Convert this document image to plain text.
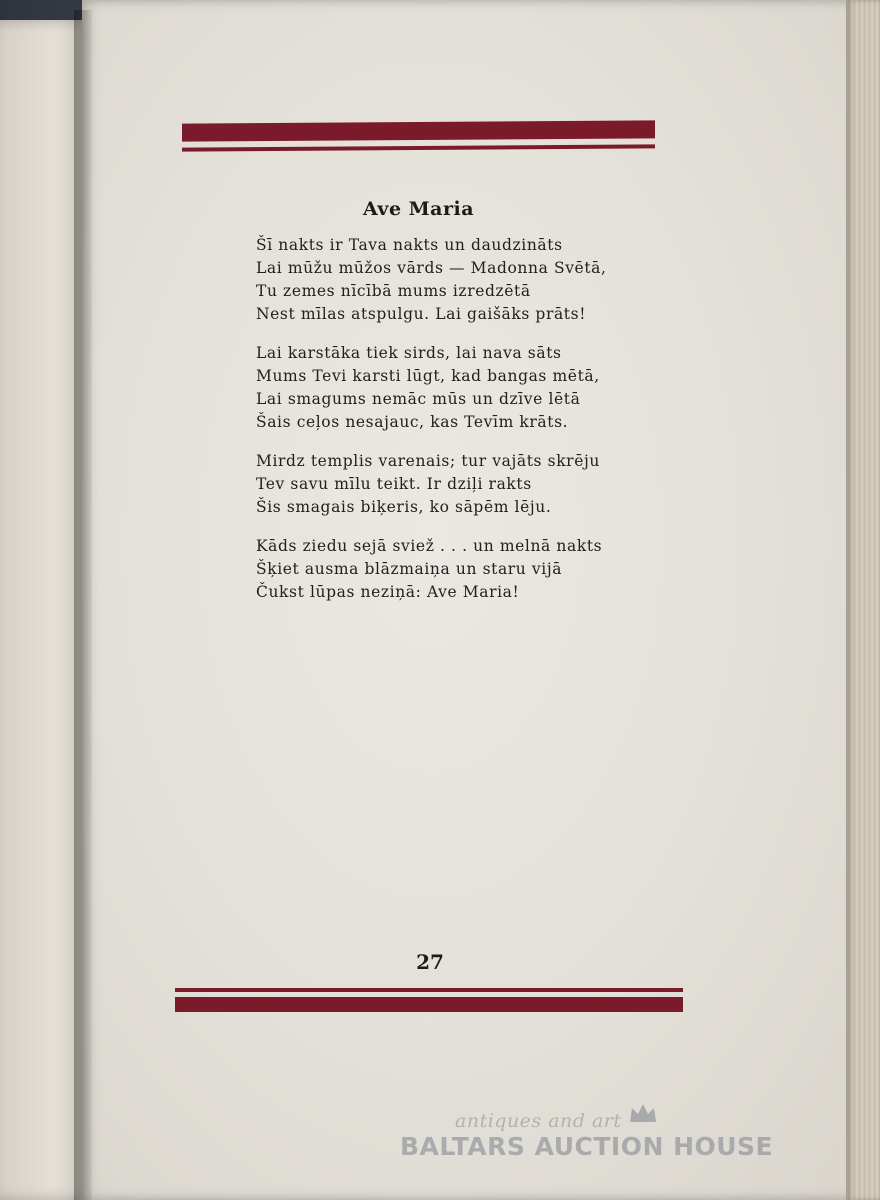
Ave Maria
Šī nakts ir Tava nakts un daudzināts
Lai mūžu mūžos vārds — Madonna Svētā,
Tu zemes nīcībā mums izredzētā
Nest mīlas atspulgu. Lai gaišāks prāts!
Lai karstāka tiek sirds, lai nava sāts
Mums Tevi karsti lūgt, kad bangas mētā,
Lai smagums nemāc mūs un dzīve lētā
Šais ceļos nesajauc, kas Tevīm krāts.
Mirdz templis varenais; tur vajāts skrēju
Tev savu mīlu teikt. Ir dziļi rakts
Šis smagais biķeris, ko sāpēm lēju.
Kāds ziedu sejā sviež . . . un melnā nakts
Šķiet ausma blāzmaiņa un staru vijā
Čukst lūpas neziņā: Ave Maria!
27
antiques and art
BALTARS AUCTION HOUSE
